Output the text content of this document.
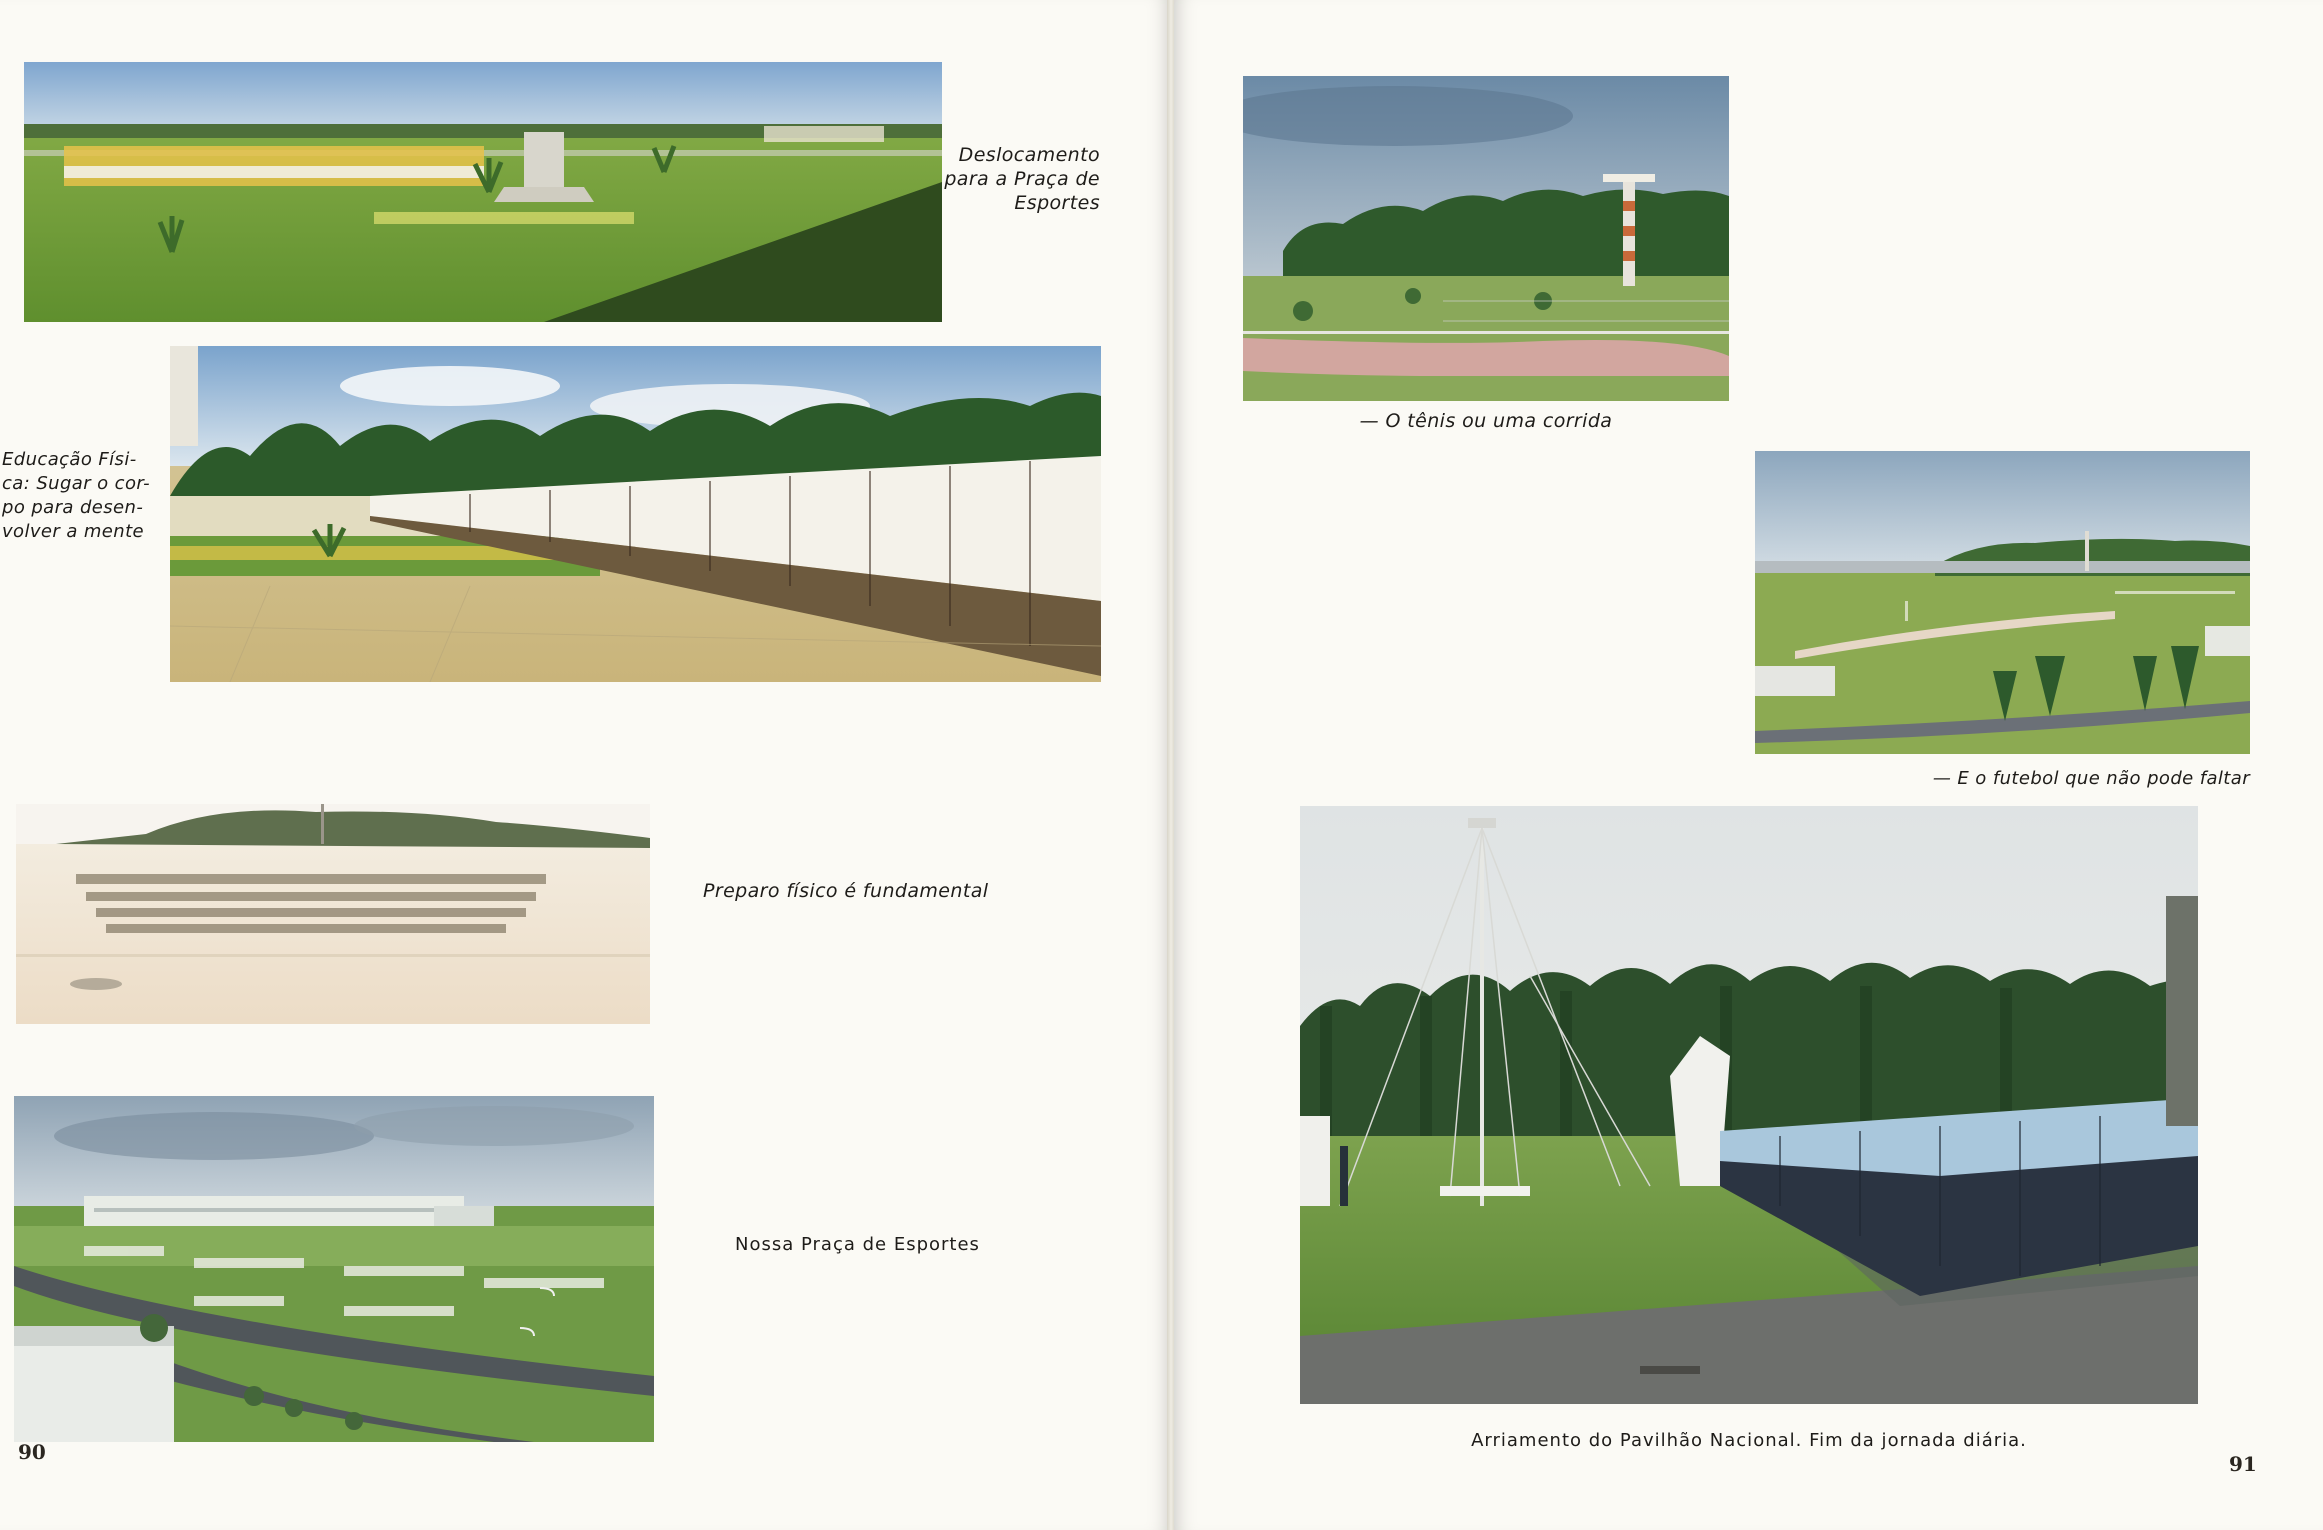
Deslocamento
para a Praça de
Esportes
Educação Físi-
ca: Sugar o cor-
po para desen-
volver a mente
Preparo físico é fundamental
Nossa Praça de Esportes
90
— O tênis ou uma corrida
— E o futebol que não pode faltar
Arriamento do Pavilhão Nacional. Fim da jornada diária.
91
